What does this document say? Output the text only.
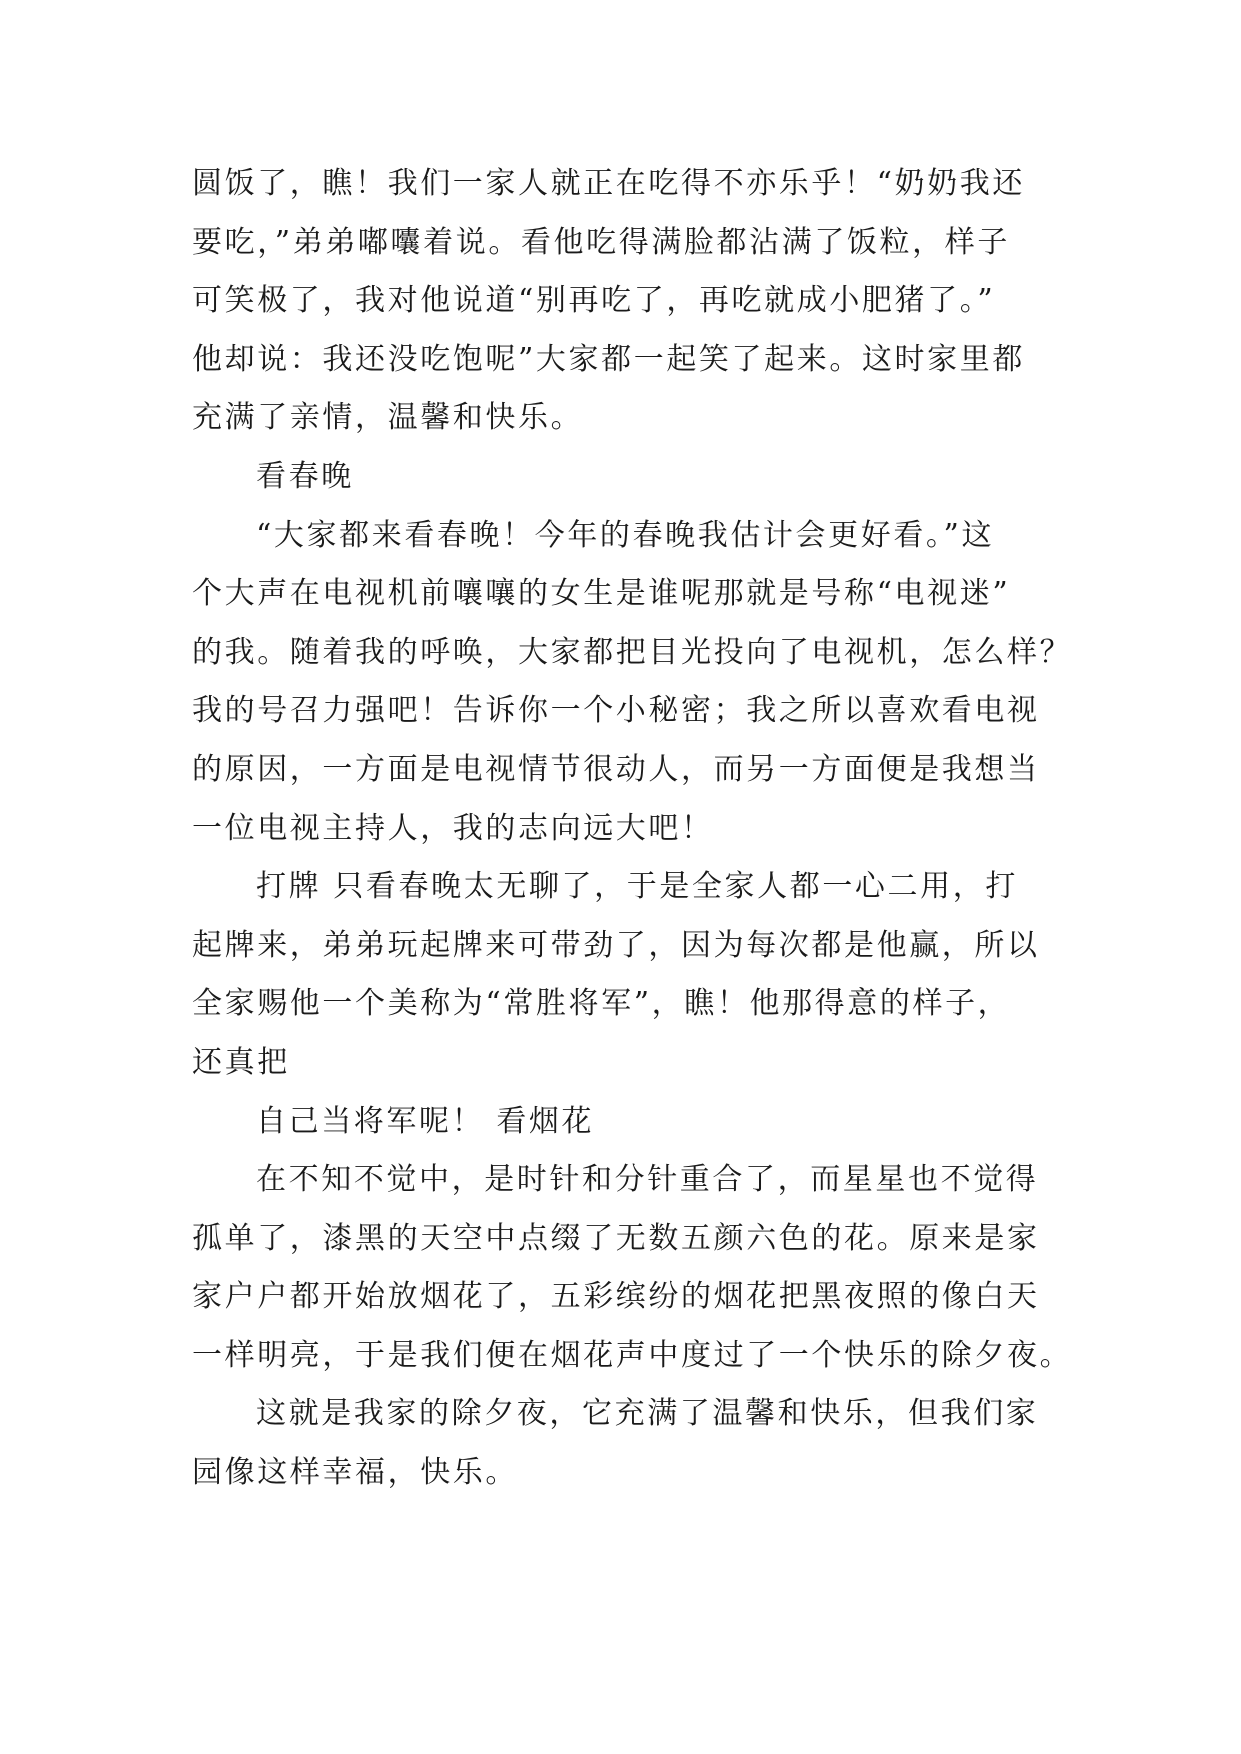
圆饭了，瞧！我们一家人就正在吃得不亦乐乎！“奶奶我还
要吃，”弟弟嘟囔着说。看他吃得满脸都沾满了饭粒，样子
可笑极了，我对他说道“别再吃了，再吃就成小肥猪了。”
他却说：我还没吃饱呢”大家都一起笑了起来。这时家里都
充满了亲情，温馨和快乐。

看春晚

“大家都来看春晚！今年的春晚我估计会更好看。”这
个大声在电视机前嚷嚷的女生是谁呢那就是号称“电视迷”
的我。随着我的呼唤，大家都把目光投向了电视机，怎么样？
我的号召力强吧！告诉你一个小秘密；我之所以喜欢看电视
的原因，一方面是电视情节很动人，而另一方面便是我想当
一位电视主持人，我的志向远大吧！

打牌 只看春晚太无聊了，于是全家人都一心二用，打
起牌来，弟弟玩起牌来可带劲了，因为每次都是他赢，所以
全家赐他一个美称为“常胜将军”，瞧！他那得意的样子，
还真把

自己当将军呢！ 看烟花

在不知不觉中，是时针和分针重合了，而星星也不觉得
孤单了，漆黑的天空中点缀了无数五颜六色的花。原来是家
家户户都开始放烟花了，五彩缤纷的烟花把黑夜照的像白天
一样明亮，于是我们便在烟花声中度过了一个快乐的除夕夜。

这就是我家的除夕夜，它充满了温馨和快乐，但我们家
园像这样幸福，快乐。
